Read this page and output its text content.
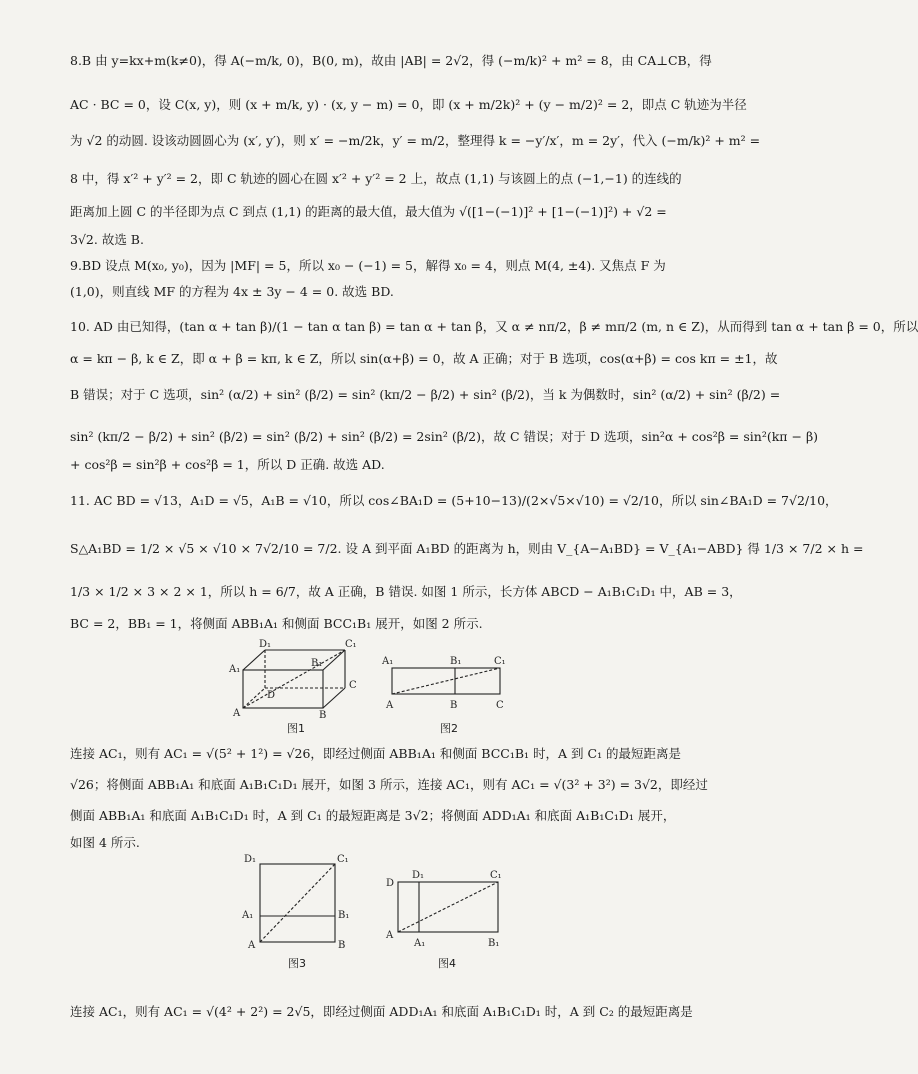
8.B 由 y=kx+m(k≠0)，得 A(−m/k, 0)，B(0, m)，故由 |AB| = 2√2，得 (−m/k)² + m² = 8，由 CA⊥CB，得
AC · BC = 0，设 C(x, y)，则 (x + m/k, y) · (x, y − m) = 0，即 (x + m/2k)² + (y − m/2)² = 2，即点 C 轨迹为半径
为 √2 的动圆. 设该动圆圆心为 (x′, y′)，则 x′ = −m/2k，y′ = m/2，整理得 k = −y′/x′，m = 2y′，代入 (−m/k)² + m² =
8 中，得 x′² + y′² = 2，即 C 轨迹的圆心在圆 x′² + y′² = 2 上，故点 (1,1) 与该圆上的点 (−1,−1) 的连线的
距离加上圆 C 的半径即为点 C 到点 (1,1) 的距离的最大值，最大值为 √([1−(−1)]² + [1−(−1)]²) + √2 =
3√2. 故选 B.
9.BD 设点 M(x₀, y₀)，因为 |MF| = 5，所以 x₀ − (−1) = 5，解得 x₀ = 4，则点 M(4, ±4). 又焦点 F 为
(1,0)，则直线 MF 的方程为 4x ± 3y − 4 = 0. 故选 BD.
10. AD 由已知得，(tan α + tan β)/(1 − tan α tan β) = tan α + tan β，又 α ≠ nπ/2，β ≠ mπ/2 (m, n ∈ Z)，从而得到 tan α + tan β = 0，所以
α = kπ − β, k ∈ Z，即 α + β = kπ, k ∈ Z，所以 sin(α+β) = 0，故 A 正确；对于 B 选项，cos(α+β) = cos kπ = ±1，故
B 错误；对于 C 选项，sin² (α/2) + sin² (β/2) = sin² (kπ/2 − β/2) + sin² (β/2)，当 k 为偶数时，sin² (α/2) + sin² (β/2) =
sin² (kπ/2 − β/2) + sin² (β/2) = sin² (β/2) + sin² (β/2) = 2sin² (β/2)，故 C 错误；对于 D 选项，sin²α + cos²β = sin²(kπ − β)
+ cos²β = sin²β + cos²β = 1，所以 D 正确. 故选 AD.
11. AC BD = √13，A₁D = √5，A₁B = √10，所以 cos∠BA₁D = (5+10−13)/(2×√5×√10) = √2/10，所以 sin∠BA₁D = 7√2/10，
S△A₁BD = 1/2 × √5 × √10 × 7√2/10 = 7/2. 设 A 到平面 A₁BD 的距离为 h，则由 V_{A−A₁BD} = V_{A₁−ABD} 得 1/3 × 7/2 × h =
1/3 × 1/2 × 3 × 2 × 1，所以 h = 6/7，故 A 正确，B 错误. 如图 1 所示，长方体 ABCD − A₁B₁C₁D₁ 中，AB = 3，
BC = 2，BB₁ = 1，将侧面 ABB₁A₁ 和侧面 BCC₁B₁ 展开，如图 2 所示.
D₁	C₁
A₁
B₁
C
D
A	B
图1
A₁	B₁	C₁
A	B	C
图2
连接 AC₁，则有 AC₁ = √(5² + 1²) = √26，即经过侧面 ABB₁A₁ 和侧面 BCC₁B₁ 时，A 到 C₁ 的最短距离是
√26；将侧面 ABB₁A₁ 和底面 A₁B₁C₁D₁ 展开，如图 3 所示，连接 AC₁，则有 AC₁ = √(3² + 3²) = 3√2，即经过
侧面 ABB₁A₁ 和底面 A₁B₁C₁D₁ 时，A 到 C₁ 的最短距离是 3√2；将侧面 ADD₁A₁ 和底面 A₁B₁C₁D₁ 展开，
如图 4 所示.
D₁	C₁
A₁	B₁
A	B
图3
D
D₁	C₁
A
A₁	B₁
图4
连接 AC₁，则有 AC₁ = √(4² + 2²) = 2√5，即经过侧面 ADD₁A₁ 和底面 A₁B₁C₁D₁ 时，A 到 C₂ 的最短距离是
